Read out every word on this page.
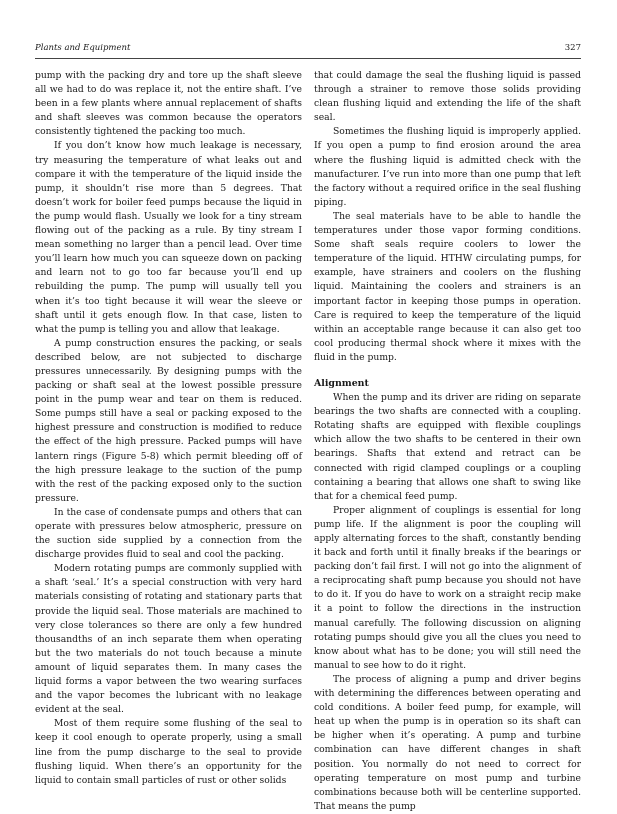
Plants and Equipment	327

pump with the packing dry and tore up the shaft sleeve all we had to do was replace it, not the entire shaft. I’ve been in a few plants where annual replacement of shafts and shaft sleeves was common because the operators consistently tightened the packing too much.

If you don’t know how much leakage is necessary, try measuring the temperature of what leaks out and compare it with the temperature of the liquid inside the pump, it shouldn’t rise more than 5 degrees. That doesn’t work for boiler feed pumps because the liquid in the pump would flash. Usually we look for a tiny stream flowing out of the packing as a rule. By tiny stream I mean something no larger than a pencil lead. Over time you’ll learn how much you can squeeze down on packing and learn not to go too far because you’ll end up rebuilding the pump. The pump will usually tell you when it’s too tight because it will wear the sleeve or shaft until it gets enough flow. In that case, listen to what the pump is telling you and allow that leakage.

A pump construction ensures the packing, or seals described below, are not subjected to discharge pressures unnecessarily. By designing pumps with the packing or shaft seal at the lowest possible pressure point in the pump wear and tear on them is reduced. Some pumps still have a seal or packing exposed to the highest pressure and construction is modified to reduce the effect of the high pressure. Packed pumps will have lantern rings (Figure 5-8) which permit bleeding off of the high pressure leakage to the suction of the pump with the rest of the packing exposed only to the suction pressure.

In the case of condensate pumps and others that can operate with pressures below atmospheric, pressure on the suction side supplied by a connection from the discharge provides fluid to seal and cool the packing.

Modern rotating pumps are commonly supplied with a shaft ‘seal.’ It’s a special construction with very hard materials consisting of rotating and stationary parts that provide the liquid seal. Those materials are machined to very close tolerances so there are only a few hundred thousandths of an inch separate them when operating but the two materials do not touch because a minute amount of liquid separates them. In many cases the liquid forms a vapor between the two wearing surfaces and the vapor becomes the lubricant with no leakage evident at the seal.

Most of them require some flushing of the seal to keep it cool enough to operate properly, using a small line from the pump discharge to the seal to provide flushing liquid. When there’s an opportunity for the liquid to contain small particles of rust or other solids

that could damage the seal the flushing liquid is passed through a strainer to remove those solids providing clean flushing liquid and extending the life of the shaft seal.

Sometimes the flushing liquid is improperly applied. If you open a pump to find erosion around the area where the flushing liquid is admitted check with the manufacturer. I’ve run into more than one pump that left the factory without a required orifice in the seal flushing piping.

The seal materials have to be able to handle the temperatures under those vapor forming conditions. Some shaft seals require coolers to lower the temperature of the liquid. HTHW circulating pumps, for example, have strainers and coolers on the flushing liquid. Maintaining the coolers and strainers is an important factor in keeping those pumps in operation. Care is required to keep the temperature of the liquid within an acceptable range because it can also get too cool producing thermal shock where it mixes with the fluid in the pump.

Alignment

When the pump and its driver are riding on separate bearings the two shafts are connected with a coupling. Rotating shafts are equipped with flexible couplings which allow the two shafts to be centered in their own bearings. Shafts that extend and retract can be connected with rigid clamped couplings or a coupling containing a bearing that allows one shaft to swing like that for a chemical feed pump.

Proper alignment of couplings is essential for long pump life. If the alignment is poor the coupling will apply alternating forces to the shaft, constantly bending it back and forth until it finally breaks if the bearings or packing don’t fail first. I will not go into the alignment of a reciprocating shaft pump because you should not have to do it. If you do have to work on a straight recip make it a point to follow the directions in the instruction manual carefully. The following discussion on aligning rotating pumps should give you all the clues you need to know about what has to be done; you will still need the manual to see how to do it right.

The process of aligning a pump and driver begins with determining the differences between operating and cold conditions. A boiler feed pump, for example, will heat up when the pump is in operation so its shaft can be higher when it’s operating. A pump and turbine combination can have different changes in shaft position. You normally do not need to correct for operating temperature on most pump and turbine combinations because both will be centerline supported. That means the pump
